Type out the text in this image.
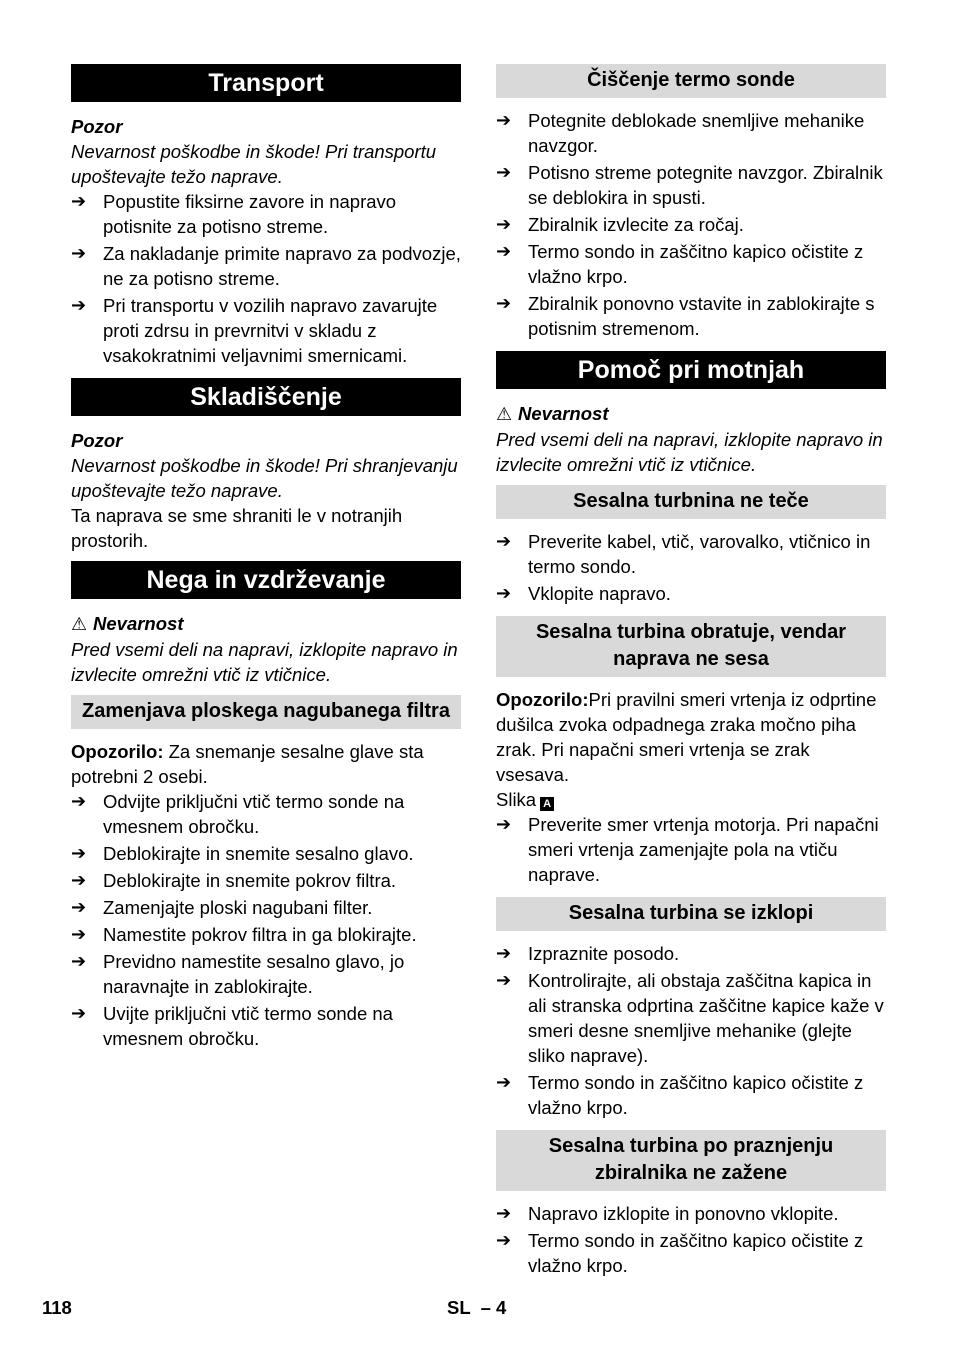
Transport

Pozor

Nevarnost poškodbe in škode! Pri transportu upoštevajte težo naprave.

➔ Popustite fiksirne zavore in napravo potisnite za potisno streme.
➔ Za nakladanje primite napravo za podvozje, ne za potisno streme.
➔ Pri transportu v vozilih napravo zavarujte proti zdrsu in prevrnitvi v skladu z vsakokratnimi veljavnimi smernicami.
Skladiščenje

Pozor

Nevarnost poškodbe in škode! Pri shranjevanju upoštevajte težo naprave.

Ta naprava se sme shraniti le v notranjih prostorih.

Nega in vzdrževanje

⚠ Nevarnost

Pred vsemi deli na napravi, izklopite napravo in izvlecite omrežni vtič iz vtičnice.

Zamenjava ploskega nagubanega filtra

Opozorilo: Za snemanje sesalne glave sta potrebni 2 osebi.

➔ Odvijte priključni vtič termo sonde na vmesnem obročku.
➔ Deblokirajte in snemite sesalno glavo.
➔ Deblokirajte in snemite pokrov filtra.
➔ Zamenjajte ploski nagubani filter.
➔ Namestite pokrov filtra in ga blokirajte.
➔ Previdno namestite sesalno glavo, jo naravnajte in zablokirajte.
➔ Uvijte priključni vtič termo sonde na vmesnem obročku.
Čiščenje termo sonde
➔ Potegnite deblokade snemljive mehanike navzgor.
➔ Potisno streme potegnite navzgor. Zbiralnik se deblokira in spusti.
➔ Zbiralnik izvlecite za ročaj.
➔ Termo sondo in zaščitno kapico očistite z vlažno krpo.
➔ Zbiralnik ponovno vstavite in zablokirajte s potisnim stremenom.
Pomoč pri motnjah

⚠ Nevarnost

Pred vsemi deli na napravi, izklopite napravo in izvlecite omrežni vtič iz vtičnice.

Sesalna turbnina ne teče
➔ Preverite kabel, vtič, varovalko, vtičnico in termo sondo.
➔ Vklopite napravo.
Sesalna turbina obratuje, vendar naprava ne sesa

Opozorilo:Pri pravilni smeri vrtenja iz odprtine dušilca zvoka odpadnega zraka močno piha zrak. Pri napačni smeri vrtenja se zrak vsesava.

Slika A

➔ Preverite smer vrtenja motorja. Pri napačni smeri vrtenja zamenjajte pola na vtiču naprave.
Sesalna turbina se izklopi
➔ Izpraznite posodo.
➔ Kontrolirajte, ali obstaja zaščitna kapica in ali stranska odprtina zaščitne kapice kaže v smeri desne snemljive mehanike (glejte sliko naprave).
➔ Termo sondo in zaščitno kapico očistite z vlažno krpo.
Sesalna turbina po praznjenju zbiralnika ne zažene
➔ Napravo izklopite in ponovno vklopite.
➔ Termo sondo in zaščitno kapico očistite z vlažno krpo.
118	SL  – 4
